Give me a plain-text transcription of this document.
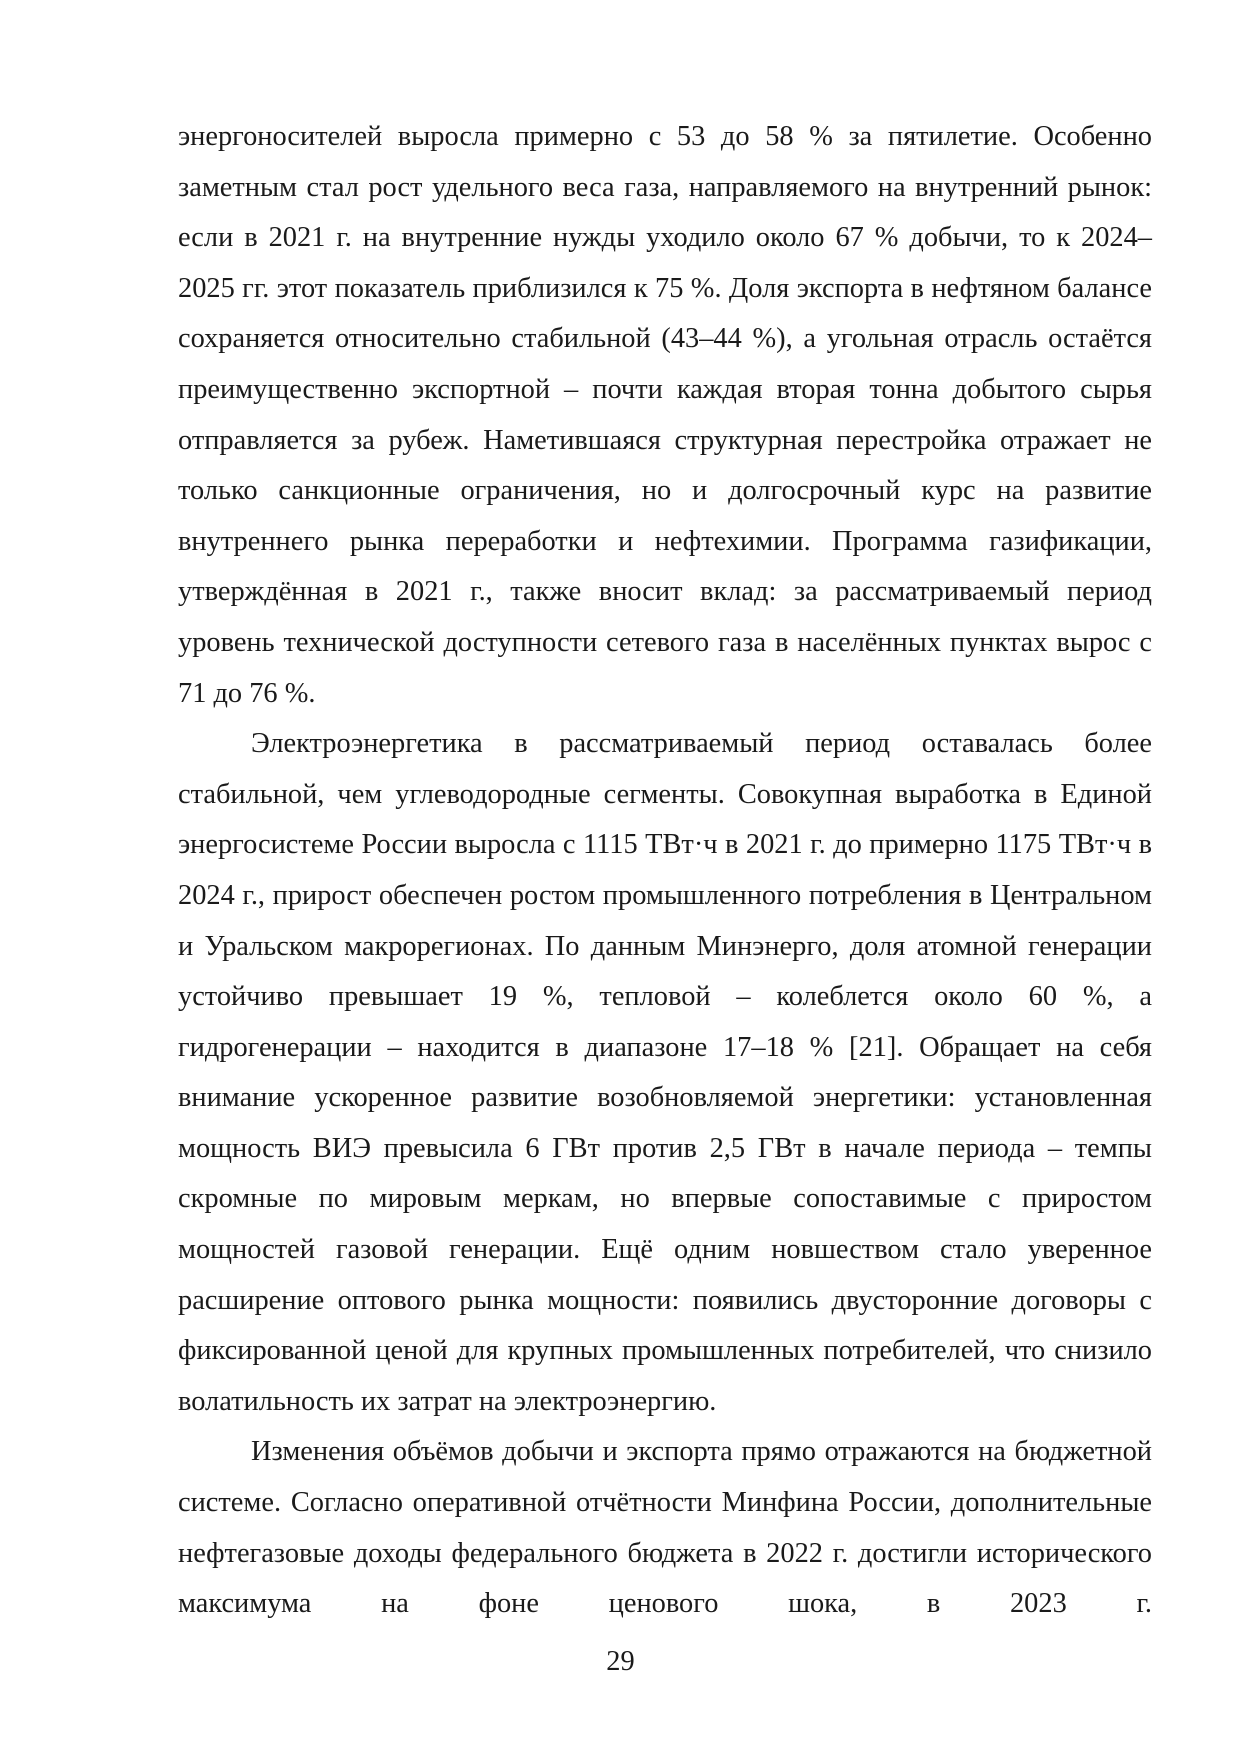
энергоносителей выросла примерно с 53 до 58 % за пятилетие. Особенно заметным стал рост удельного веса газа, направляемого на внутренний рынок: если в 2021 г. на внутренние нужды уходило около 67 % добычи, то к 2024–2025 гг. этот показатель приблизился к 75 %. Доля экспорта в нефтяном балансе сохраняется относительно стабильной (43–44 %), а угольная отрасль остаётся преимущественно экспортной – почти каждая вторая тонна добытого сырья отправляется за рубеж. Наметившаяся структурная перестройка отражает не только санкционные ограничения, но и долгосрочный курс на развитие внутреннего рынка переработки и нефтехимии. Программа газификации, утверждённая в 2021 г., также вносит вклад: за рассматриваемый период уровень технической доступности сетевого газа в населённых пунктах вырос с 71 до 76 %.

Электроэнергетика в рассматриваемый период оставалась более стабильной, чем углеводородные сегменты. Совокупная выработка в Единой энергосистеме России выросла с 1115 ТВт·ч в 2021 г. до примерно 1175 ТВт·ч в 2024 г., прирост обеспечен ростом промышленного потребления в Центральном и Уральском макрорегионах. По данным Минэнерго, доля атомной генерации устойчиво превышает 19 %, тепловой – колеблется около 60 %, а гидрогенерации – находится в диапазоне 17–18 % [21]. Обращает на себя внимание ускоренное развитие возобновляемой энергетики: установленная мощность ВИЭ превысила 6 ГВт против 2,5 ГВт в начале периода – темпы скромные по мировым меркам, но впервые сопоставимые с приростом мощностей газовой генерации. Ещё одним новшеством стало уверенное расширение оптового рынка мощности: появились двусторонние договоры с фиксированной ценой для крупных промышленных потребителей, что снизило волатильность их затрат на электроэнергию.

Изменения объёмов добычи и экспорта прямо отражаются на бюджетной системе. Согласно оперативной отчётности Минфина России, дополнительные нефтегазовые доходы федерального бюджета в 2022 г. достигли исторического максимума на фоне ценового шока, в 2023 г.

29
